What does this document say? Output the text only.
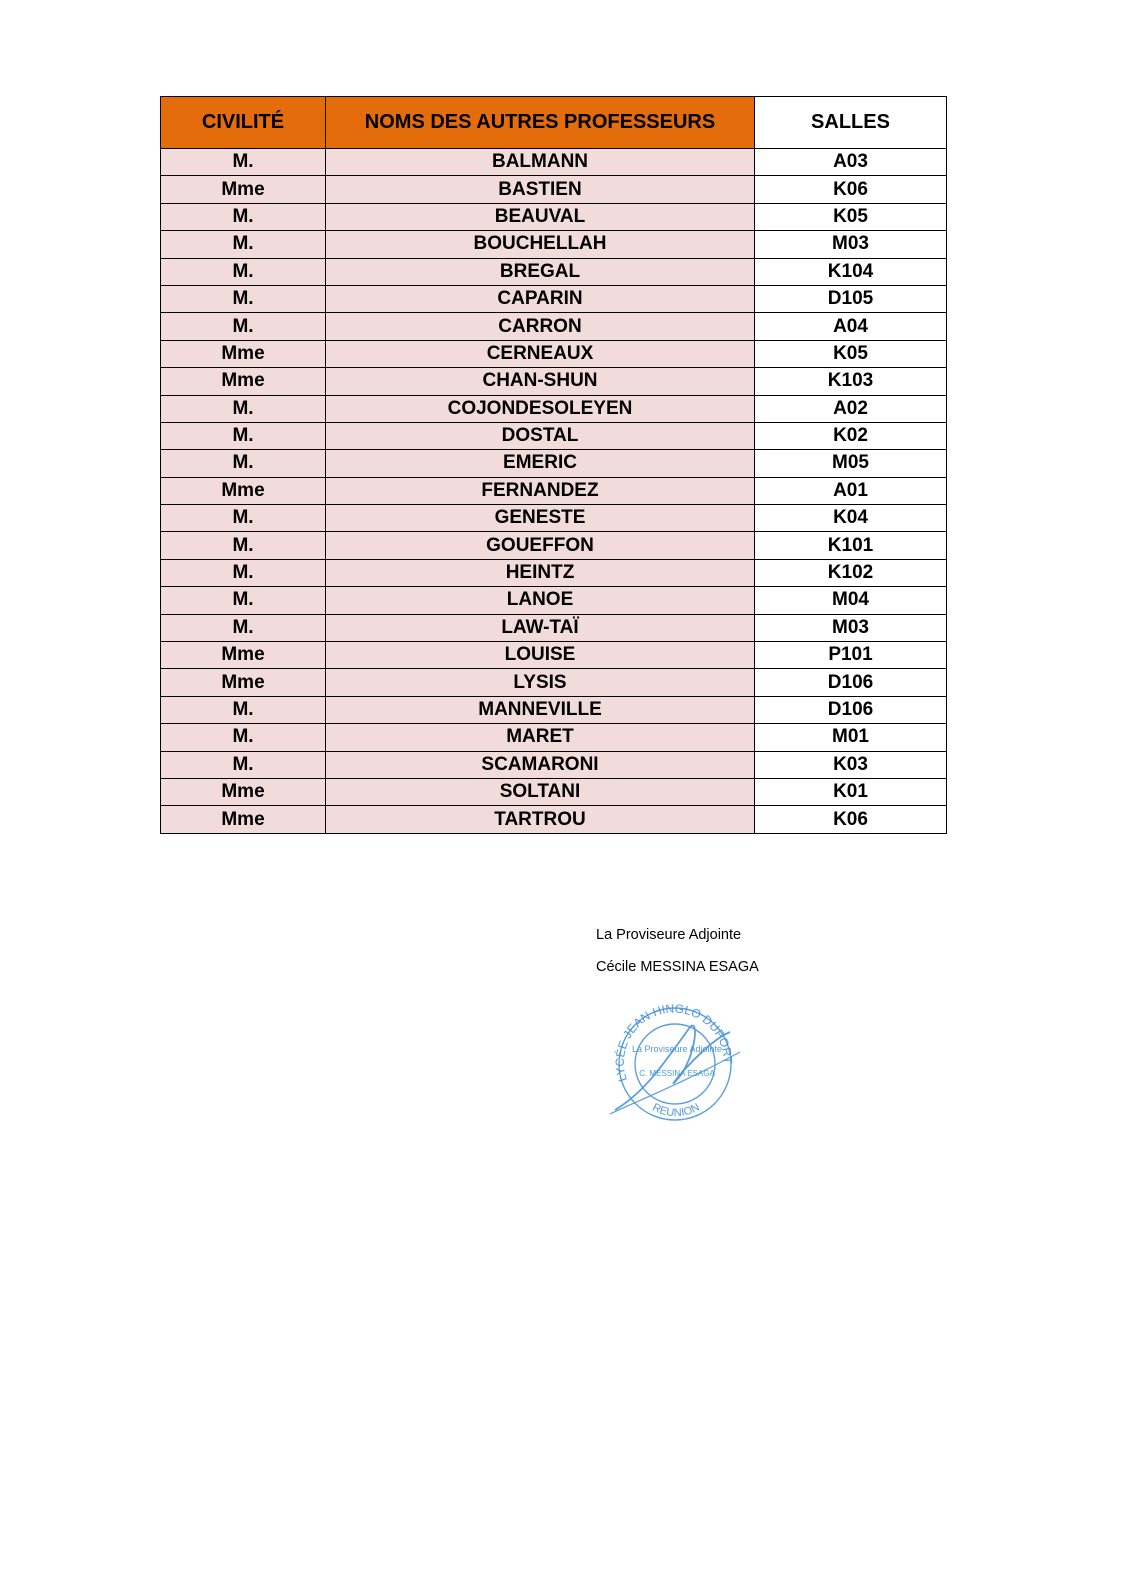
CIVILITÉ	NOMS DES AUTRES PROFESSEURS	SALLES
M.	BALMANN	A03
Mme	BASTIEN	K06
M.	BEAUVAL	K05
M.	BOUCHELLAH	M03
M.	BREGAL	K104
M.	CAPARIN	D105
M.	CARRON	A04
Mme	CERNEAUX	K05
Mme	CHAN-SHUN	K103
M.	COJONDESOLEYEN	A02
M.	DOSTAL	K02
M.	EMERIC	M05
Mme	FERNANDEZ	A01
M.	GENESTE	K04
M.	GOUEFFON	K101
M.	HEINTZ	K102
M.	LANOE	M04
M.	LAW-TAÏ	M03
Mme	LOUISE	P101
Mme	LYSIS	D106
M.	MANNEVILLE	D106
M.	MARET	M01
M.	SCAMARONI	K03
Mme	SOLTANI	K01
Mme	TARTROU	K06
La Proviseure Adjointe
Cécile MESSINA ESAGA
LYCÉE JEAN HINGLO DUPORT
REUNION
La Proviseure Adjointe
C. MESSINA ESAGA
